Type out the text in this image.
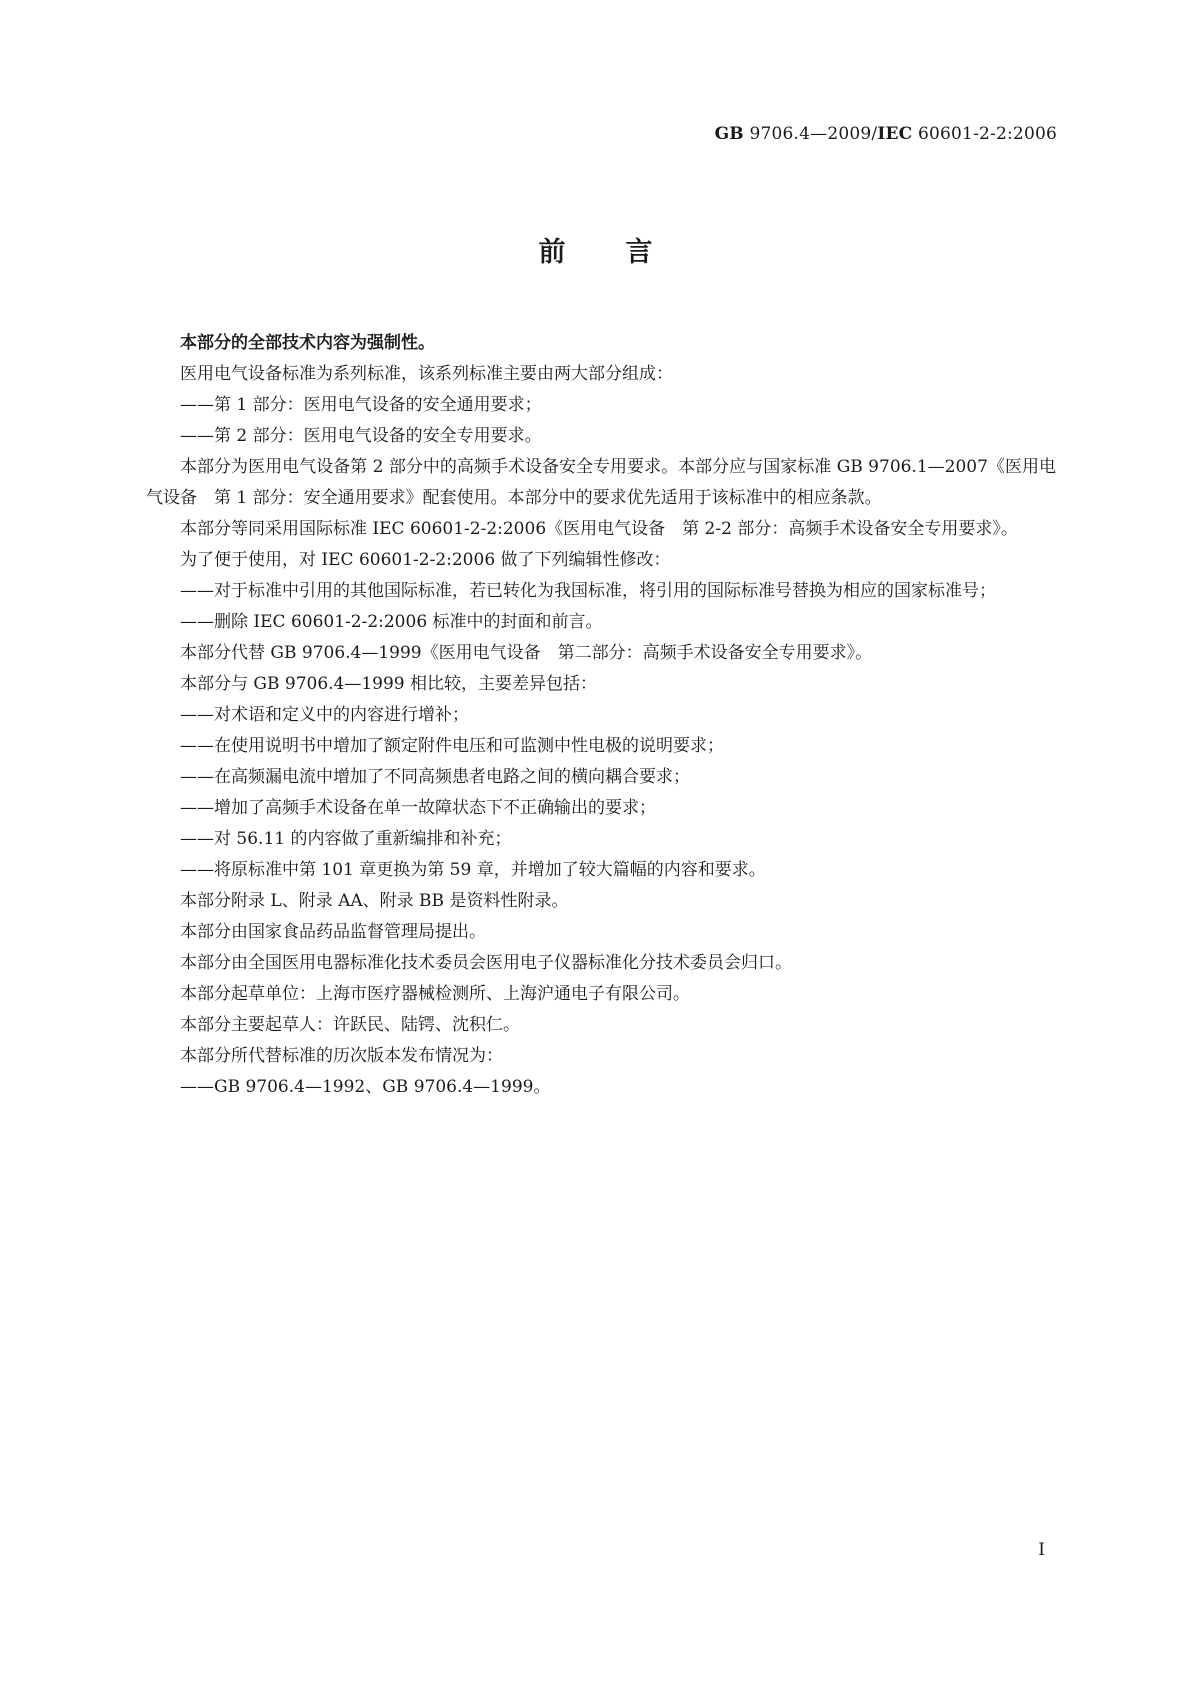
GB 9706.4—2009/IEC 60601-2-2:2006
前言

本部分的全部技术内容为强制性。

医用电气设备标准为系列标准，该系列标准主要由两大部分组成：

——第 1 部分：医用电气设备的安全通用要求；

——第 2 部分：医用电气设备的安全专用要求。

本部分为医用电气设备第 2 部分中的高频手术设备安全专用要求。本部分应与国家标准 GB 9706.1—2007《医用电气设备　第 1 部分：安全通用要求》配套使用。本部分中的要求优先适用于该标准中的相应条款。

本部分等同采用国际标准 IEC 60601-2-2:2006《医用电气设备　第 2-2 部分：高频手术设备安全专用要求》。

为了便于使用，对 IEC 60601-2-2:2006 做了下列编辑性修改：

——对于标准中引用的其他国际标准，若已转化为我国标准，将引用的国际标准号替换为相应的国家标准号；

——删除 IEC 60601-2-2:2006 标准中的封面和前言。

本部分代替 GB 9706.4—1999《医用电气设备　第二部分：高频手术设备安全专用要求》。

本部分与 GB 9706.4—1999 相比较，主要差异包括：

——对术语和定义中的内容进行增补；

——在使用说明书中增加了额定附件电压和可监测中性电极的说明要求；

——在高频漏电流中增加了不同高频患者电路之间的横向耦合要求；

——增加了高频手术设备在单一故障状态下不正确输出的要求；

——对 56.11 的内容做了重新编排和补充；

——将原标准中第 101 章更换为第 59 章，并增加了较大篇幅的内容和要求。

本部分附录 L、附录 AA、附录 BB 是资料性附录。

本部分由国家食品药品监督管理局提出。

本部分由全国医用电器标准化技术委员会医用电子仪器标准化分技术委员会归口。

本部分起草单位：上海市医疗器械检测所、上海沪通电子有限公司。

本部分主要起草人：许跃民、陆锷、沈积仁。

本部分所代替标准的历次版本发布情况为：

——GB 9706.4—1992、GB 9706.4—1999。

I
